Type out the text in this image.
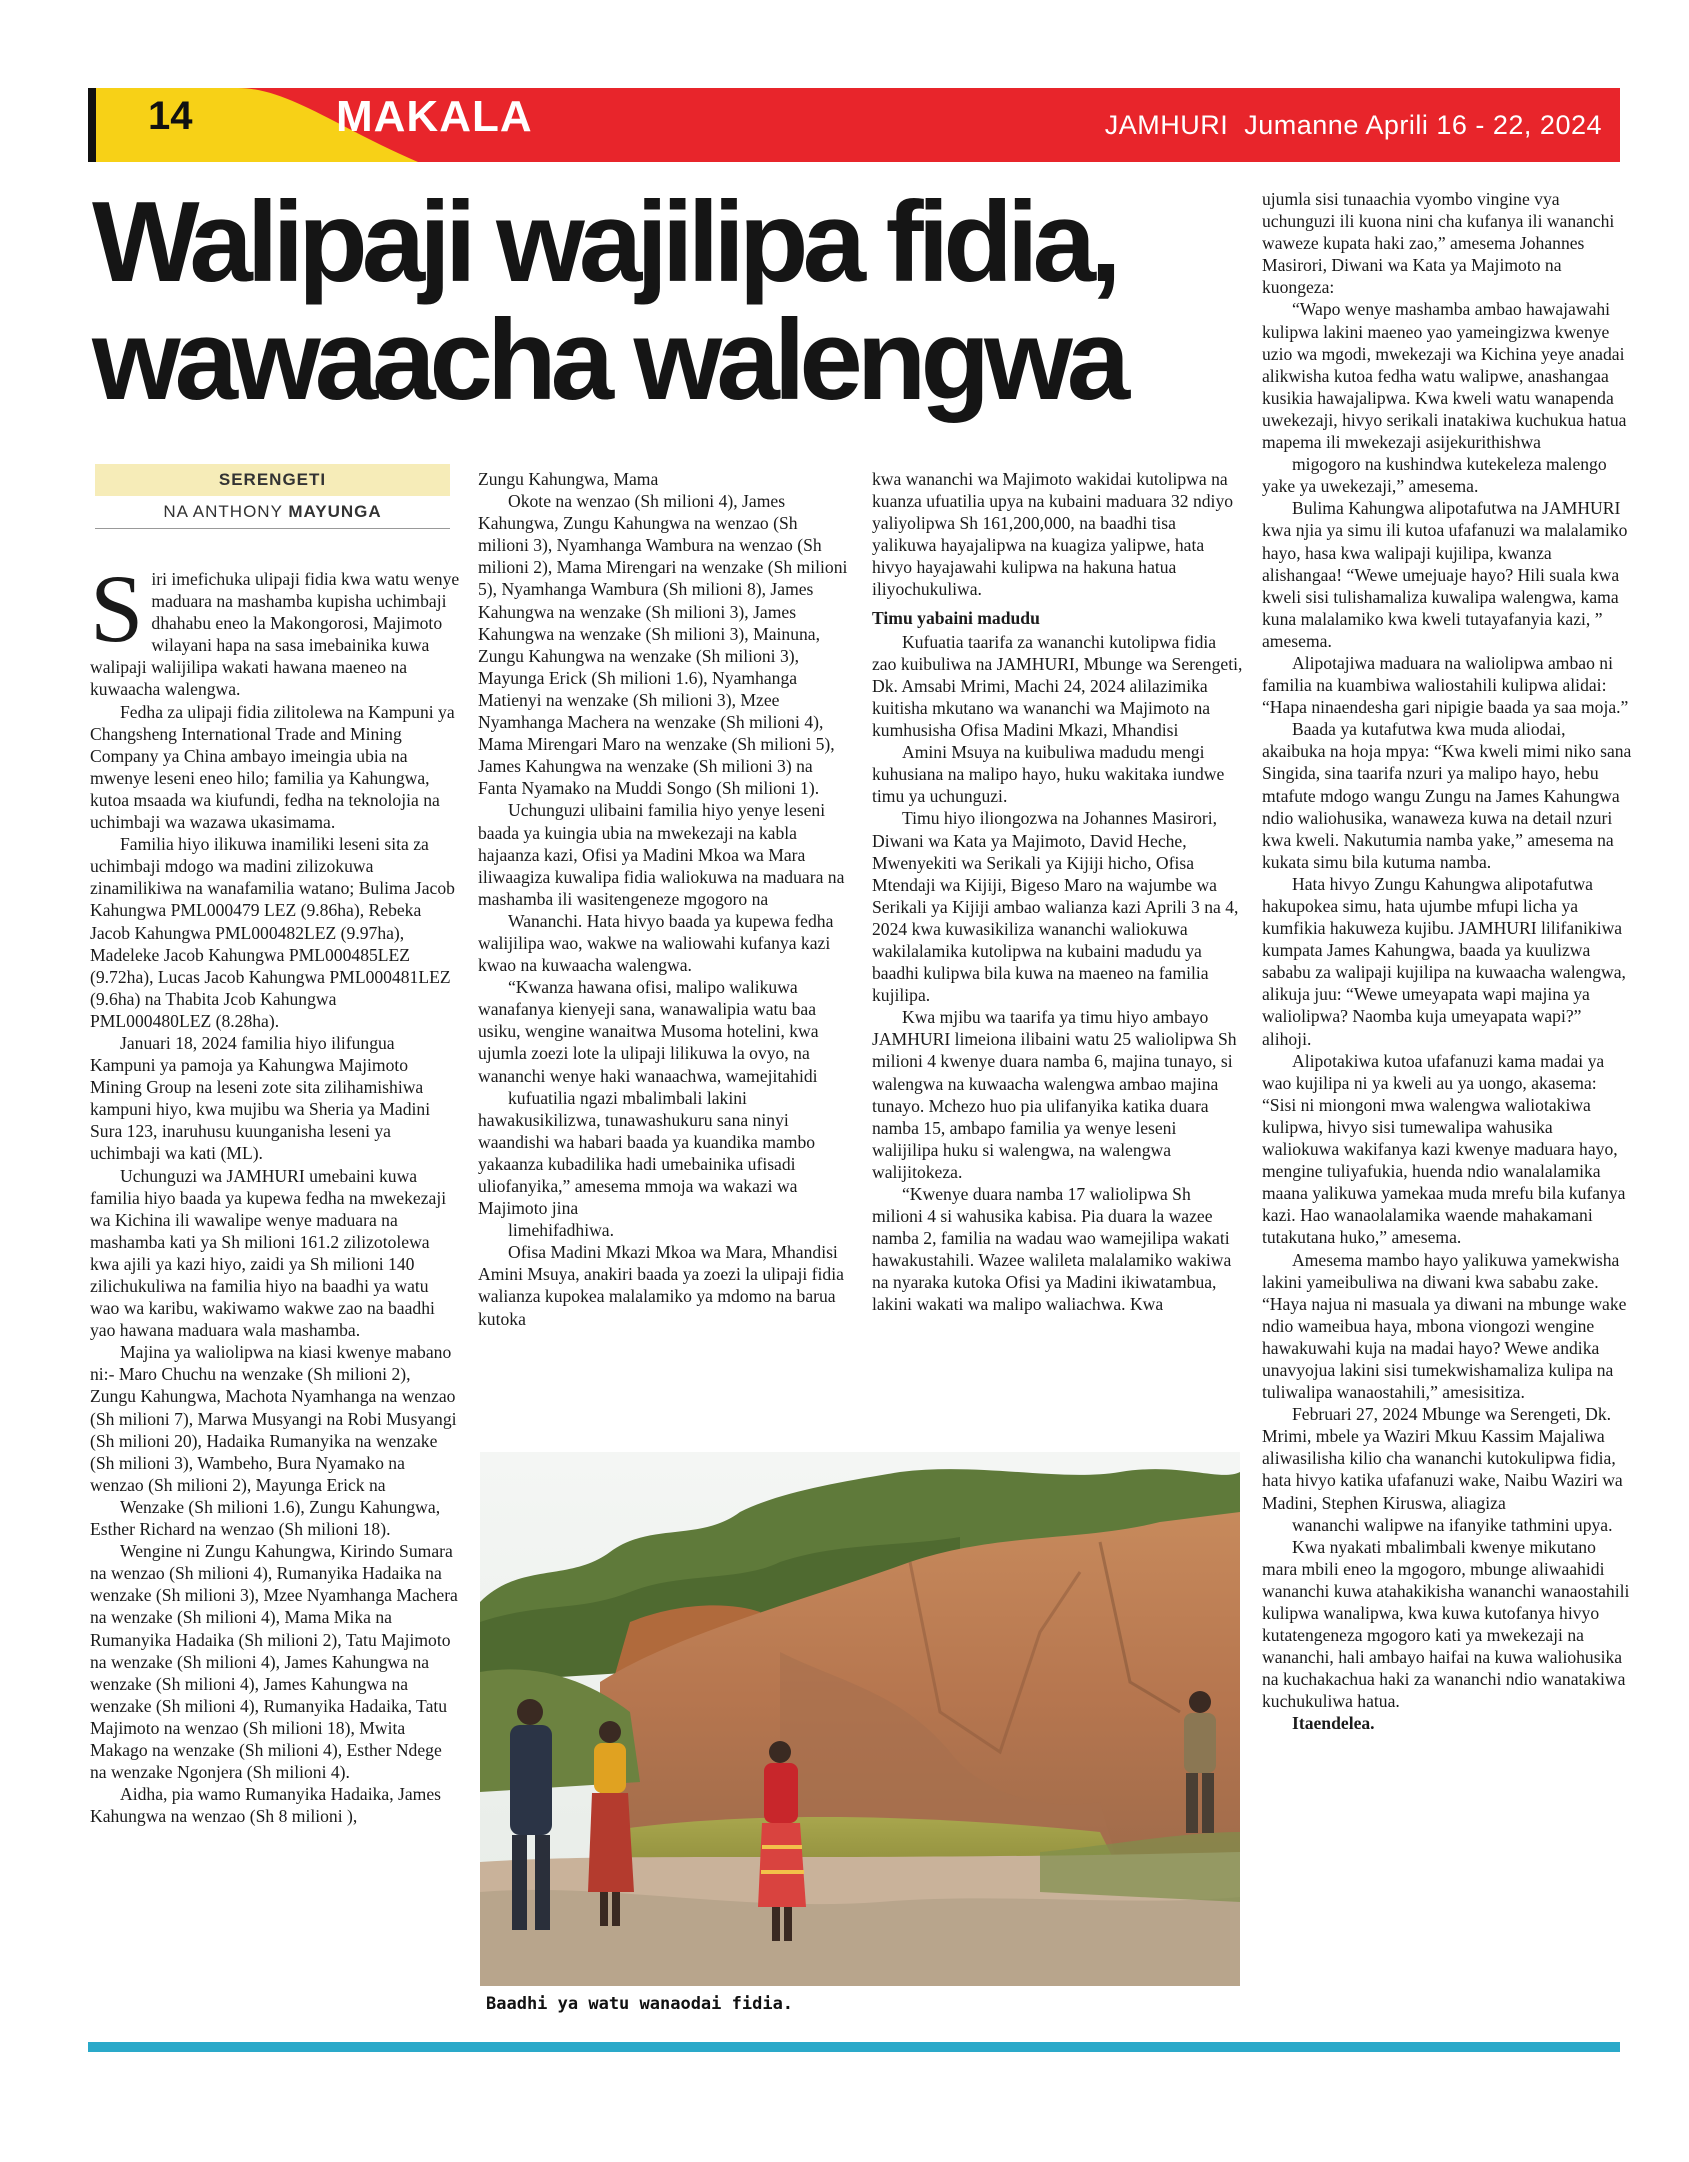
14	MAKALA	JAMHURI Jumanne Aprili 16 - 22, 2024
Walipaji wajilipa fidia,
wawaacha walengwa
SERENGETI
NA ANTHONY MAYUNGA

Siri imefichuka ulipaji fidia kwa watu wenye maduara na mashamba kupisha uchimbaji dhahabu eneo la Makongorosi, Majimoto wilayani hapa na sasa imebainika kuwa walipaji walijilipa wakati hawana maeneo na kuwaacha walengwa.

Fedha za ulipaji fidia zilitolewa na Kampuni ya Changsheng International Trade and Mining Company ya China ambayo imeingia ubia na mwenye leseni eneo hilo; familia ya Kahungwa, kutoa msaada wa kiufundi, fedha na teknolojia na uchimbaji wa wazawa ukasimama.

Familia hiyo ilikuwa inamiliki leseni sita za uchimbaji mdogo wa madini zilizokuwa zinamilikiwa na wanafamilia watano; Bulima Jacob Kahungwa PML000479 LEZ (9.86ha), Rebeka Jacob Kahungwa PML000482LEZ (9.97ha), Madeleke Jacob Kahungwa PML000485LEZ (9.72ha), Lucas Jacob Kahungwa PML000481LEZ (9.6ha) na Thabita Jcob Kahungwa PML000480LEZ (8.28ha).

Januari 18, 2024 familia hiyo ilifungua Kampuni ya pamoja ya Kahungwa Majimoto Mining Group na leseni zote sita zilihamishiwa kampuni hiyo, kwa mujibu wa Sheria ya Madini Sura 123, inaruhusu kuunganisha leseni ya uchimbaji wa kati (ML).

Uchunguzi wa JAMHURI umebaini kuwa familia hiyo baada ya kupewa fedha na mwekezaji wa Kichina ili wawalipe wenye maduara na mashamba kati ya Sh milioni 161.2 zilizotolewa kwa ajili ya kazi hiyo, zaidi ya Sh milioni 140 zilichukuliwa na familia hiyo na baadhi ya watu wao wa karibu, wakiwamo wakwe zao na baadhi yao hawana maduara wala mashamba.

Majina ya waliolipwa na kiasi kwenye mabano ni:- Maro Chuchu na wenzake (Sh milioni 2), Zungu Kahungwa, Machota Nyamhanga na wenzao (Sh milioni 7), Marwa Musyangi na Robi Musyangi (Sh milioni 20), Hadaika Rumanyika na wenzake (Sh milioni 3), Wambeho, Bura Nyamako na wenzao (Sh milioni 2), Mayunga Erick na

Wenzake (Sh milioni 1.6), Zungu Kahungwa, Esther Richard na wenzao (Sh milioni 18).

Wengine ni Zungu Kahungwa, Kirindo Sumara na wenzao (Sh milioni 4), Rumanyika Hadaika na wenzake (Sh milioni 3), Mzee Nyamhanga Machera na wenzake (Sh milioni 4), Mama Mika na Rumanyika Hadaika (Sh milioni 2), Tatu Majimoto na wenzake (Sh milioni 4), James Kahungwa na wenzake (Sh milioni 4), James Kahungwa na wenzake (Sh milioni 4), Rumanyika Hadaika, Tatu Majimoto na wenzao (Sh milioni 18), Mwita Makago na wenzake (Sh milioni 4), Esther Ndege na wenzake Ngonjera (Sh milioni 4).

Aidha, pia wamo Rumanyika Hadaika, James Kahungwa na wenzao (Sh 8 milioni ),

Zungu Kahungwa, Mama

Okote na wenzao (Sh milioni 4), James Kahungwa, Zungu Kahungwa na wenzao (Sh milioni 3), Nyamhanga Wambura na wenzao (Sh milioni 2), Mama Mirengari na wenzake (Sh milioni 5), Nyamhanga Wambura (Sh milioni 8), James Kahungwa na wenzake (Sh milioni 3), James Kahungwa na wenzake (Sh milioni 3), Mainuna, Zungu Kahungwa na wenzake (Sh milioni 3), Mayunga Erick (Sh milioni 1.6), Nyamhanga Matienyi na wenzake (Sh milioni 3), Mzee Nyamhanga Machera na wenzake (Sh milioni 4), Mama Mirengari Maro na wenzake (Sh milioni 5), James Kahungwa na wenzake (Sh milioni 3) na Fanta Nyamako na Muddi Songo (Sh milioni 1).

Uchunguzi ulibaini familia hiyo yenye leseni baada ya kuingia ubia na mwekezaji na kabla hajaanza kazi, Ofisi ya Madini Mkoa wa Mara iliwaagiza kuwalipa fidia waliokuwa na maduara na mashamba ili wasitengeneze mgogoro na

Wananchi. Hata hivyo baada ya kupewa fedha walijilipa wao, wakwe na waliowahi kufanya kazi kwao na kuwaacha walengwa.

“Kwanza hawana ofisi, malipo walikuwa wanafanya kienyeji sana, wanawalipia watu baa usiku, wengine wanaitwa Musoma hotelini, kwa ujumla zoezi lote la ulipaji lilikuwa la ovyo, na wananchi wenye haki wanaachwa, wamejitahidi

kufuatilia ngazi mbalimbali lakini hawakusikilizwa, tunawashukuru sana ninyi waandishi wa habari baada ya kuandika mambo yakaanza kubadilika hadi umebainika ufisadi uliofanyika,” amesema mmoja wa wakazi wa Majimoto jina

limehifadhiwa.

Ofisa Madini Mkazi Mkoa wa Mara, Mhandisi Amini Msuya, anakiri baada ya zoezi la ulipaji fidia walianza kupokea malalamiko ya mdomo na barua kutoka

kwa wananchi wa Majimoto wakidai kutolipwa na kuanza ufuatilia upya na kubaini maduara 32 ndiyo yaliyolipwa Sh 161,200,000, na baadhi tisa yalikuwa hayajalipwa na kuagiza yalipwe, hata hivyo hayajawahi kulipwa na hakuna hatua iliyochukuliwa.

Timu yabaini madudu

Kufuatia taarifa za wananchi kutolipwa fidia zao kuibuliwa na JAMHURI, Mbunge wa Serengeti, Dk. Amsabi Mrimi, Machi 24, 2024 alilazimika kuitisha mkutano wa wananchi wa Majimoto na kumhusisha Ofisa Madini Mkazi, Mhandisi

Amini Msuya na kuibuliwa madudu mengi kuhusiana na malipo hayo, huku wakitaka iundwe timu ya uchunguzi.

Timu hiyo iliongozwa na Johannes Masirori, Diwani wa Kata ya Majimoto, David Heche, Mwenyekiti wa Serikali ya Kijiji hicho, Ofisa Mtendaji wa Kijiji, Bigeso Maro na wajumbe wa Serikali ya Kijiji ambao walianza kazi Aprili 3 na 4, 2024 kwa kuwasikiliza wananchi waliokuwa wakilalamika kutolipwa na kubaini madudu ya baadhi kulipwa bila kuwa na maeneo na familia kujilipa.

Kwa mjibu wa taarifa ya timu hiyo ambayo JAMHURI limeiona ilibaini watu 25 waliolipwa Sh milioni 4 kwenye duara namba 6, majina tunayo, si walengwa na kuwaacha walengwa ambao majina tunayo. Mchezo huo pia ulifanyika katika duara namba 15, ambapo familia ya wenye leseni walijilipa huku si walengwa, na walengwa walijitokeza.

“Kwenye duara namba 17 waliolipwa Sh milioni 4 si wahusika kabisa. Pia duara la wazee namba 2, familia na wadau wao wamejilipa wakati hawakustahili. Wazee walileta malalamiko wakiwa na nyaraka kutoka Ofisi ya Madini ikiwatambua, lakini wakati wa malipo waliachwa. Kwa

ujumla sisi tunaachia vyombo vingine vya uchunguzi ili kuona nini cha kufanya ili wananchi waweze kupata haki zao,” amesema Johannes Masirori, Diwani wa Kata ya Majimoto na kuongeza:

“Wapo wenye mashamba ambao hawajawahi kulipwa lakini maeneo yao yameingizwa kwenye uzio wa mgodi, mwekezaji wa Kichina yeye anadai alikwisha kutoa fedha watu walipwe, anashangaa kusikia hawajalipwa. Kwa kweli watu wanapenda uwekezaji, hivyo serikali inatakiwa kuchukua hatua mapema ili mwekezaji asijekurithishwa

migogoro na kushindwa kutekeleza malengo yake ya uwekezaji,” amesema.

Bulima Kahungwa alipotafutwa na JAMHURI kwa njia ya simu ili kutoa ufafanuzi wa malalamiko hayo, hasa kwa walipaji kujilipa, kwanza alishangaa! “Wewe umejuaje hayo? Hili suala kwa kweli sisi tulishamaliza kuwalipa walengwa, kama kuna malalamiko kwa kweli tutayafanyia kazi, ” amesema.

Alipotajiwa maduara na waliolipwa ambao ni familia na kuambiwa waliostahili kulipwa alidai: “Hapa ninaendesha gari nipigie baada ya saa moja.”

Baada ya kutafutwa kwa muda aliodai, akaibuka na hoja mpya: “Kwa kweli mimi niko sana Singida, sina taarifa nzuri ya malipo hayo, hebu mtafute mdogo wangu Zungu na James Kahungwa ndio waliohusika, wanaweza kuwa na detail nzuri kwa kweli. Nakutumia namba yake,” amesema na kukata simu bila kutuma namba.

Hata hivyo Zungu Kahungwa alipotafutwa hakupokea simu, hata ujumbe mfupi licha ya kumfikia hakuweza kujibu. JAMHURI lilifanikiwa kumpata James Kahungwa, baada ya kuulizwa sababu za walipaji kujilipa na kuwaacha walengwa, alikuja juu: “Wewe umeyapata wapi majina ya waliolipwa? Naomba kuja umeyapata wapi?” alihoji.

Alipotakiwa kutoa ufafanuzi kama madai ya wao kujilipa ni ya kweli au ya uongo, akasema: “Sisi ni miongoni mwa walengwa waliotakiwa kulipwa, hivyo sisi tumewalipa wahusika waliokuwa wakifanya kazi kwenye maduara hayo, mengine tuliyafukia, huenda ndio wanalalamika maana yalikuwa yamekaa muda mrefu bila kufanya kazi. Hao wanaolalamika waende mahakamani tutakutana huko,” amesema.

Amesema mambo hayo yalikuwa yamekwisha lakini yameibuliwa na diwani kwa sababu zake. “Haya najua ni masuala ya diwani na mbunge wake ndio wameibua haya, mbona viongozi wengine hawakuwahi kuja na madai hayo? Wewe andika unavyojua lakini sisi tumekwishamaliza kulipa na tuliwalipa wanaostahili,” amesisitiza.

Februari 27, 2024 Mbunge wa Serengeti, Dk. Mrimi, mbele ya Waziri Mkuu Kassim Majaliwa aliwasilisha kilio cha wananchi kutokulipwa fidia, hata hivyo katika ufafanuzi wake, Naibu Waziri wa Madini, Stephen Kiruswa, aliagiza

wananchi walipwe na ifanyike tathmini upya.

Kwa nyakati mbalimbali kwenye mikutano mara mbili eneo la mgogoro, mbunge aliwaahidi wananchi kuwa atahakikisha wananchi wanaostahili kulipwa wanalipwa, kwa kuwa kutofanya hivyo kutatengeneza mgogoro kati ya mwekezaji na wananchi, hali ambayo haifai na kuwa waliohusika na kuchakachua haki za wananchi ndio wanatakiwa kuchukuliwa hatua.

Itaendelea.

Baadhi ya watu wanaodai fidia.
